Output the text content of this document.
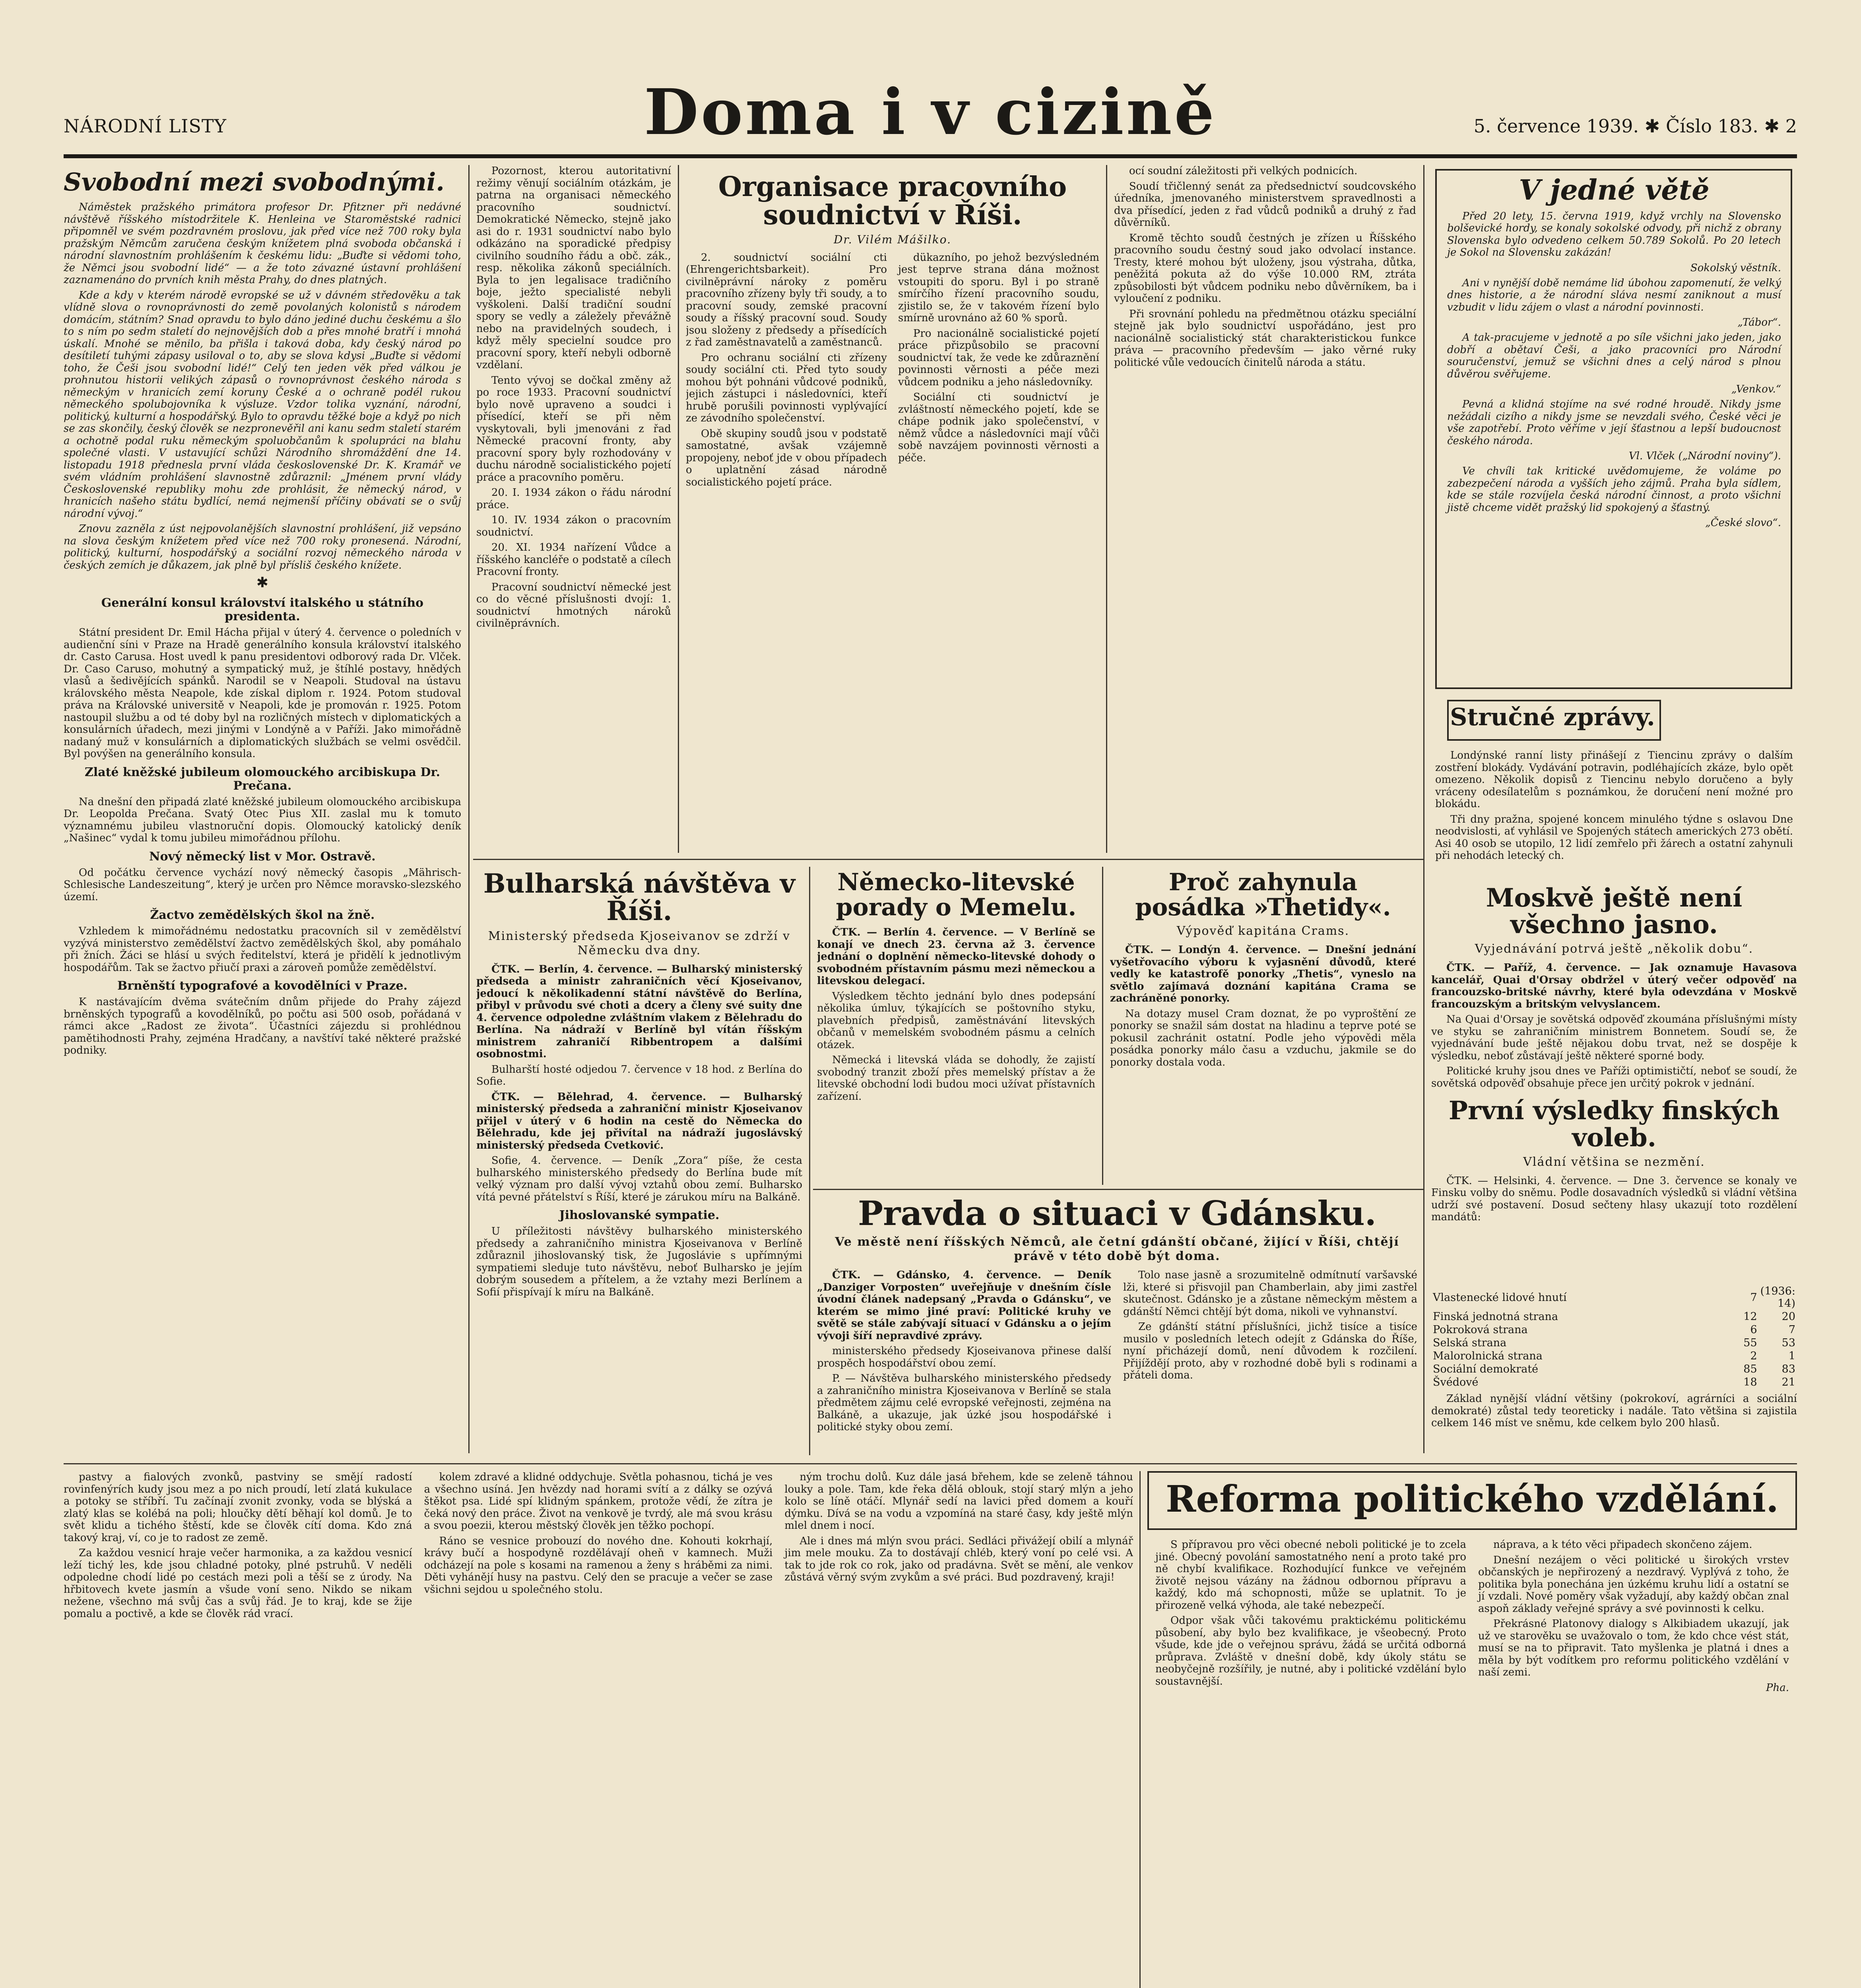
NÁRODNÍ LISTY	Doma i v cizině	5. července 1939. ✱ Číslo 183. ✱ 2
Svobodní mezi svobodnými.

Náměstek pražského primátora profesor Dr. Pfitzner při nedávné návštěvě říšského místodržitele K. Henleina ve Staroměstské radnici připomněl ve svém pozdravném proslovu, jak před více než 700 roky byla pražským Němcům zaručena českým knížetem plná svoboda občanská i národní slavnostním prohlášením k českému lidu: „Buďte si vědomi toho, že Němci jsou svobodní lidé“ — a že toto závazné ústavní prohlášení zaznamenáno do prvních knih města Prahy, do dnes platných.

Kde a kdy v kterém národě evropské se už v dávném středověku a tak vlídně slova o rovnoprávnosti do země povolaných kolonistů s národem domácím, státním? Snad opravdu to bylo dáno jediné duchu českému a šlo to s ním po sedm staletí do nejnovějších dob a přes mnohé bratří i mnohá úskalí. Mnohé se měnilo, ba přišla i taková doba, kdy český národ po desítiletí tuhými zápasy usiloval o to, aby se slova kdysi „Buďte si vědomi toho, že Češi jsou svobodní lidé!“ Celý ten jeden věk před válkou je prohnutou historii velikých zápasů o rovnoprávnost českého národa s německým v hranicích zemí koruny České a o ochraně podél rukou německého spolubojovníka k výsluze. Vzdor tolika vyznání, národní, politický, kulturní a hospodářský. Bylo to opravdu těžké boje a když po nich se zas skončily, český člověk se nezpronevěřil ani kanu sedm staletí starém a ochotně podal ruku německým spoluobčanům k spolupráci na blahu společné vlasti. V ustavující schůzi Národního shromáždění dne 14. listopadu 1918 přednesla první vláda československé Dr. K. Kramář ve svém vládním prohlášení slavnostně zdůraznil: „Jménem první vlády Československé republiky mohu zde prohlásit, že německý národ, v hranicích našeho státu bydlící, nemá nejmenší příčiny obávati se o svůj národní vývoj.“

Znovu zazněla z úst nejpovolanějších slavnostní prohlášení, již vepsáno na slova českým knížetem před více než 700 roky pronesená. Národní, politický, kulturní, hospodářský a sociální rozvoj německého národa v českých zemích je důkazem, jak plně byl přísliš českého knížete.

✱
Generální konsul království italského u státního presidenta.

Státní president Dr. Emil Hácha přijal v úterý 4. července o poledních v audienční síni v Praze na Hradě generálního konsula království italského dr. Casto Carusa. Host uvedl k panu presidentovi odborový rada Dr. Vlček. Dr. Caso Caruso, mohutný a sympatický muž, je štíhlé postavy, hnědých vlasů a šedivějících spánků. Narodil se v Neapoli. Studoval na ústavu královského města Neapole, kde získal diplom r. 1924. Potom studoval práva na Královské universitě v Neapoli, kde je promován r. 1925. Potom nastoupil službu a od té doby byl na rozličných místech v diplomatických a konsulárních úřadech, mezi jinými v Londýně a v Paříži. Jako mimořádně nadaný muž v konsulárních a diplomatických službách se velmi osvědčil. Byl povýšen na generálního konsula.

Zlaté kněžské jubileum olomouckého arcibiskupa Dr. Prečana.

Na dnešní den připadá zlaté kněžské jubileum olomouckého arcibiskupa Dr. Leopolda Prečana. Svatý Otec Pius XII. zaslal mu k tomuto významnému jubileu vlastnoruční dopis. Olomoucký katolický deník „Našinec“ vydal k tomu jubileu mimořádnou přílohu.

Nový německý list v Mor. Ostravě.

Od počátku července vychází nový německý časopis „Mährisch-Schlesische Landeszeitung“, který je určen pro Němce moravsko-slezského území.

Žactvo zemědělských škol na žně.

Vzhledem k mimořádnému nedostatku pracovních sil v zemědělství vyzývá ministerstvo zemědělství žactvo zemědělských škol, aby pomáhalo při žních. Žáci se hlásí u svých ředitelství, která je přidělí k jednotlivým hospodářům. Tak se žactvo přiučí praxi a zároveň pomůže zemědělství.

Brněnští typografové a kovodělníci v Praze.

K nastávajícím dvěma svátečním dnům přijede do Prahy zájezd brněnských typografů a kovodělníků, po počtu asi 500 osob, pořádaná v rámci akce „Radost ze života“. Účastníci zájezdu si prohlédnou pamětihodnosti Prahy, zejména Hradčany, a navštíví také některé pražské podniky.

Pozornost, kterou autoritativní režimy věnují sociálním otázkám, je patrna na organisaci německého pracovního soudnictví. Demokratické Německo, stejně jako asi do r. 1931 soudnictví nabo bylo odkázáno na sporadické předpisy civilního soudního řádu a obč. zák., resp. několika zákonů speciálních. Byla to jen legalisace tradičního boje, ježto specialisté nebyli vyškoleni. Další tradiční soudní spory se vedly a záležely převážně nebo na pravidelných soudech, i když měly specielní soudce pro pracovní spory, kteří nebyli odborně vzdělaní.

Tento vývoj se dočkal změny až po roce 1933. Pracovní soudnictví bylo nově upraveno a soudci i přísedící, kteří se při něm vyskytovali, byli jmenováni z řad Německé pracovní fronty, aby pracovní spory byly rozhodovány v duchu národně socialistického pojetí práce a pracovního poměru.

20. I. 1934 zákon o řádu národní práce.

10. IV. 1934 zákon o pracovním soudnictví.

20. XI. 1934 nařízení Vůdce a říšského kancléře o podstatě a cílech Pracovní fronty.

Pracovní soudnictví německé jest co do věcné příslušnosti dvojí: 1. soudnictví hmotných nároků civilněprávních.

Organisace pracovního soudnictví v Říši.
Dr. Vilém Mášilko.

2. soudnictví sociální cti (Ehrengerichtsbarkeit). Pro civilněprávní nároky z poměru pracovního zřízeny byly tři soudy, a to pracovní soudy, zemské pracovní soudy a říšský pracovní soud. Soudy jsou složeny z předsedy a přísedících z řad zaměstnavatelů a zaměstnanců.

Pro ochranu sociální cti zřízeny soudy sociální cti. Před tyto soudy mohou být pohnáni vůdcové podniků, jejich zástupci i následovníci, kteří hrubě porušili povinnosti vyplývající ze závodního společenství.

Obě skupiny soudů jsou v podstatě samostatné, avšak vzájemně propojeny, neboť jde v obou případech o uplatnění zásad národně socialistického pojetí práce.

dükazního, po jehož bezvýsledném jest teprve strana dána možnost vstoupiti do sporu. Byl i po straně smírčího řízení pracovního soudu, zjistilo se, že v takovém řízení bylo smírně urovnáno až 60 % sporů.

Pro nacionálně socialistické pojetí práce přizpůsobilo se pracovní soudnictví tak, že vede ke zdůraznění povinnosti věrnosti a péče mezi vůdcem podniku a jeho následovníky.

Sociální cti soudnictví je zvláštností německého pojetí, kde se chápe podnik jako společenství, v němž vůdce a následovníci mají vůči sobě navzájem povinnosti věrnosti a péče.

ocí soudní záležitosti při velkých podnicích.

Soudí třičlenný senát za předsednictví soudcovského úředníka, jmenovaného ministerstvem spravedlnosti a dva přísedící, jeden z řad vůdců podniků a druhý z řad důvěrníků.

Kromě těchto soudů čestných je zřízen u Říšského pracovního soudu čestný soud jako odvolací instance. Tresty, které mohou být uloženy, jsou výstraha, důtka, peněžitá pokuta až do výše 10.000 RM, ztráta způsobilosti být vůdcem podniku nebo důvěrníkem, ba i vyloučení z podniku.

Při srovnání pohledu na předmětnou otázku speciální stejně jak bylo soudnictví uspořádáno, jest pro nacionálně socialistický stát charakteristickou funkce práva — pracovního především — jako věrné ruky politické vůle vedoucích činitelů národa a státu.

V jedné větě

Před 20 lety, 15. června 1919, když vrchly na Slovensko bolševické hordy, se konaly sokolské odvody, při nichž z obrany Slovenska bylo odvedeno celkem 50.789 Sokolů. Po 20 letech je Sokol na Slovensku zakázán!

Sokolský věstník.

Ani v nynější době nemáme lid úbohou zapomenutí, že velký dnes historie, a že národní sláva nesmí zaniknout a musí vzbudit v lidu zájem o vlast a národní povinnosti.

„Tábor“.

A tak-pracujeme v jednotě a po síle všichni jako jeden, jako dobří a obětaví Češi, a jako pracovníci pro Národní souručenství, jemuž se všichni dnes a celý národ s plnou důvěrou svěřujeme.

„Venkov.“

Pevná a klidná stojíme na své rodné hroudě. Nikdy jsme nežádali cizího a nikdy jsme se nevzdali svého, České věci je vše zapotřebí. Proto věříme v její šťastnou a lepší budoucnost českého národa.

Vl. Vlček („Národní noviny“).

Ve chvíli tak kritické uvědomujeme, že voláme po zabezpečení národa a vyšších jeho zájmů. Praha byla sídlem, kde se stále rozvíjela česká národní činnost, a proto všichni jistě chceme vidět pražský lid spokojený a šťastný.

„České slovo“.
Stručné zprávy.

Londýnské ranní listy přinášejí z Tiencinu zprávy o dalším zostření blokády. Vydávání potravin, podléhajících zkáze, bylo opět omezeno. Několik dopisů z Tiencinu nebylo doručeno a byly vráceny odesílatelům s poznámkou, že doručení není možné pro blokádu.

Tři dny pražna, spojené koncem minulého týdne s oslavou Dne neodvislosti, ať vyhlásil ve Spojených státech amerických 273 obětí. Asi 40 osob se utopilo, 12 lidí zemřelo při žárech a ostatní zahynuli při nehodách letecký ch.

Bulharská návštěva v Říši.
Ministerský předseda Kjoseivanov se zdrží v Německu dva dny.

ČTK. — Berlín, 4. července. — Bulharský ministerský předseda a ministr zahraničních věcí Kjoseivanov, jedoucí k několikadenní státní návštěvě do Berlína, přibyl v průvodu své choti a dcery a členy své suity dne 4. července odpoledne zvláštním vlakem z Bělehradu do Berlína. Na nádraží v Berlíně byl vítán říšským ministrem zahraničí Ribbentropem a dalšími osobnostmi.

Bulharští hosté odjedou 7. července v 18 hod. z Berlína do Sofie.

ČTK. — Bělehrad, 4. července. — Bulharský ministerský předseda a zahraniční ministr Kjoseivanov přijel v úterý v 6 hodin na cestě do Německa do Bělehradu, kde jej přivítal na nádraží jugoslávský ministerský předseda Cvetković.

Sofie, 4. července. — Deník „Zora“ píše, že cesta bulharského ministerského předsedy do Berlína bude mít velký význam pro další vývoj vztahů obou zemí. Bulharsko vítá pevné přátelství s Říší, které je zárukou míru na Balkáně.

Jihoslovanské sympatie.

U příležitosti návštěvy bulharského ministerského předsedy a zahraničního ministra Kjoseivanova v Berlíně zdůraznil jihoslovanský tisk, že Jugoslávie s upřímnými sympatiemi sleduje tuto návštěvu, neboť Bulharsko je jejím dobrým sousedem a přítelem, a že vztahy mezi Berlínem a Sofií přispívají k míru na Balkáně.

Německo-litevské porady o Memelu.

ČTK. — Berlín 4. července. — V Berlíně se konají ve dnech 23. června až 3. července jednání o doplnění německo-litevské dohody o svobodném přístavním pásmu mezi německou a litevskou delegací.

Výsledkem těchto jednání bylo dnes podepsání několika úmluv, týkajících se poštovního styku, plavebních předpisů, zaměstnávání litevských občanů v memelském svobodném pásmu a celních otázek.

Německá i litevská vláda se dohodly, že zajistí svobodný tranzit zboží přes memelský přístav a že litevské obchodní lodi budou moci užívat přístavních zařízení.

Proč zahynula posádka »Thetidy«.
Výpověď kapitána Crams.

ČTK. — Londýn 4. července. — Dnešní jednání vyšetřovacího výboru k vyjasnění důvodů, které vedly ke katastrofě ponorky „Thetis“, vyneslo na světlo zajímavá doznání kapitána Crama se zachráněné ponorky.

Na dotazy musel Cram doznat, že po vyproštění ze ponorky se snažil sám dostat na hladinu a teprve poté se pokusil zachránit ostatní. Podle jeho výpovědi měla posádka ponorky málo času a vzduchu, jakmile se do ponorky dostala voda.

Pravda o situaci v Gdánsku.
Ve městě není říšských Němců, ale četní gdánští občané, žijící v Říši, chtějí právě v této době být doma.

ČTK. — Gdánsko, 4. července. — Deník „Danziger Vorposten“ uveřejňuje v dnešním čísle úvodní článek nadepsaný „Pravda o Gdánsku“, ve kterém se mimo jiné praví: Politické kruhy ve světě se stále zabývají situací v Gdánsku a o jejím vývoji šíří nepravdivé zprávy.

ministerského předsedy Kjoseivanova přinese další prospěch hospodářství obou zemí.

P. — Návštěva bulharského ministerského předsedy a zahraničního ministra Kjoseivanova v Berlíně se stala předmětem zájmu celé evropské veřejnosti, zejména na Balkáně, a ukazuje, jak úzké jsou hospodářské i politické styky obou zemí.

Tolo nase jasně a srozumitelně odmítnutí varšavské lži, které si přisvojil pan Chamberlain, aby jimi zastřel skutečnost. Gdánsko je a zůstane německým městem a gdánští Němci chtějí být doma, nikoli ve vyhnanství.

Ze gdánští státní příslušníci, jichž tisíce a tisíce musilo v posledních letech odejít z Gdánska do Říše, nyní přicházejí domů, není důvodem k rozčilení. Přijíždějí proto, aby v rozhodné době byli s rodinami a přáteli doma.

Moskvě ještě není všechno jasno.
Vyjednávání potrvá ještě „několik dobu“.

ČTK. — Paříž, 4. července. — Jak oznamuje Havasova kancelář, Quai d'Orsay obdržel v úterý večer odpověď na francouzsko-britské návrhy, které byla odevzdána v Moskvě francouzským a britským velvyslancem.

Na Quai d'Orsay je sovětská odpověď zkoumána příslušnými místy ve styku se zahraničním ministrem Bonnetem. Soudí se, že vyjednávání bude ještě nějakou dobu trvat, než se dospěje k výsledku, neboť zůstávají ještě některé sporné body.

Politické kruhy jsou dnes ve Paříži optimističtí, neboť se soudí, že sovětská odpověď obsahuje přece jen určitý pokrok v jednání.

První výsledky finských voleb.
Vládní většina se nezmění.

ČTK. — Helsinki, 4. července. — Dne 3. července se konaly ve Finsku volby do sněmu. Podle dosavadních výsledků si vládní většina udrží své postavení. Dosud sečteny hlasy ukazují toto rozdělení mandátů:

Vlastenecké lidové hnutí	7	(1936: 14)
Finská jednotná strana	12	20
Pokroková strana	6	7
Selská strana	55	53
Malorolnická strana	2	1
Sociální demokraté	85	83
Švédové	18	21

Základ nynější vládní většiny (pokrokoví, agrárníci a sociální demokraté) zůstal tedy teoreticky i nadále. Tato většina si zajistila celkem 146 míst ve sněmu, kde celkem bylo 200 hlasů.

pastvy a fialových zvonků, pastviny se smějí radostí rovinfenýrích kudy jsou mez a po nich proudí, letí zlatá kukulace a potoky se stříbří. Tu začínají zvonit zvonky, voda se blýská a zlatý klas se kolébá na poli; hloučky dětí běhají kol domů. Je to svět klidu a tichého štěstí, kde se člověk cítí doma. Kdo zná takový kraj, ví, co je to radost ze země.

Za každou vesnicí hraje večer harmonika, a za každou vesnicí leží tichý les, kde jsou chladné potoky, plné pstruhů. V neděli odpoledne chodí lidé po cestách mezi poli a těší se z úrody. Na hřbitovech kvete jasmín a všude voní seno. Nikdo se nikam nežene, všechno má svůj čas a svůj řád. Je to kraj, kde se žije pomalu a poctivě, a kde se člověk rád vrací.

kolem zdravé a klidné oddychuje. Světla pohasnou, tichá je ves a všechno usíná. Jen hvězdy nad horami svítí a z dálky se ozývá štěkot psa. Lidé spí klidným spánkem, protože vědí, že zítra je čeká nový den práce. Život na venkově je tvrdý, ale má svou krásu a svou poezii, kterou městský člověk jen těžko pochopí.

Ráno se vesnice probouzí do nového dne. Kohouti kokrhají, krávy bučí a hospodyně rozdělávají oheň v kamnech. Muži odcházejí na pole s kosami na ramenou a ženy s hráběmi za nimi. Děti vyhánějí husy na pastvu. Celý den se pracuje a večer se zase všichni sejdou u společného stolu.

ným trochu dolů. Kuz dále jasá břehem, kde se zeleně táhnou louky a pole. Tam, kde řeka dělá oblouk, stojí starý mlýn a jeho kolo se líně otáčí. Mlynář sedí na lavici před domem a kouří dýmku. Dívá se na vodu a vzpomíná na staré časy, kdy ještě mlýn mlel dnem i nocí.

Ale i dnes má mlýn svou práci. Sedláci přivážejí obilí a mlynář jim mele mouku. Za to dostávají chléb, který voní po celé vsi. A tak to jde rok co rok, jako od pradávna. Svět se mění, ale venkov zůstává věrný svým zvykům a své práci. Bud pozdravený, kraji!

Reforma politického vzdělání.

S přípravou pro věci obecné neboli politické je to zcela jiné. Obecný povolání samostatného není a proto také pro ně chybí kvalifikace. Rozhodující funkce ve veřejném životě nejsou vázány na žádnou odbornou přípravu a každý, kdo má schopnosti, může se uplatnit. To je přirozeně velká výhoda, ale také nebezpečí.

Odpor však vůči takovému praktickému politickému působení, aby bylo bez kvalifikace, je všeobecný. Proto všude, kde jde o veřejnou správu, žádá se určitá odborná průprava. Zvláště v dnešní době, kdy úkoly státu se neobyčejně rozšířily, je nutné, aby i politické vzdělání bylo soustavnější.

náprava, a k této věci připadech skončeno zájem.

Dnešní nezájem o věci politické u širokých vrstev občanských je nepřirozený a nezdravý. Vyplývá z toho, že politika byla ponechána jen úzkému kruhu lidí a ostatní se jí vzdali. Nové poměry však vyžadují, aby každý občan znal aspoň základy veřejné správy a své povinnosti k celku.

Překrásné Platonovy dialogy s Alkibiadem ukazují, jak už ve starověku se uvažovalo o tom, že kdo chce vést stát, musí se na to připravit. Tato myšlenka je platná i dnes a měla by být vodítkem pro reformu politického vzdělání v naší zemi.

Pha.
